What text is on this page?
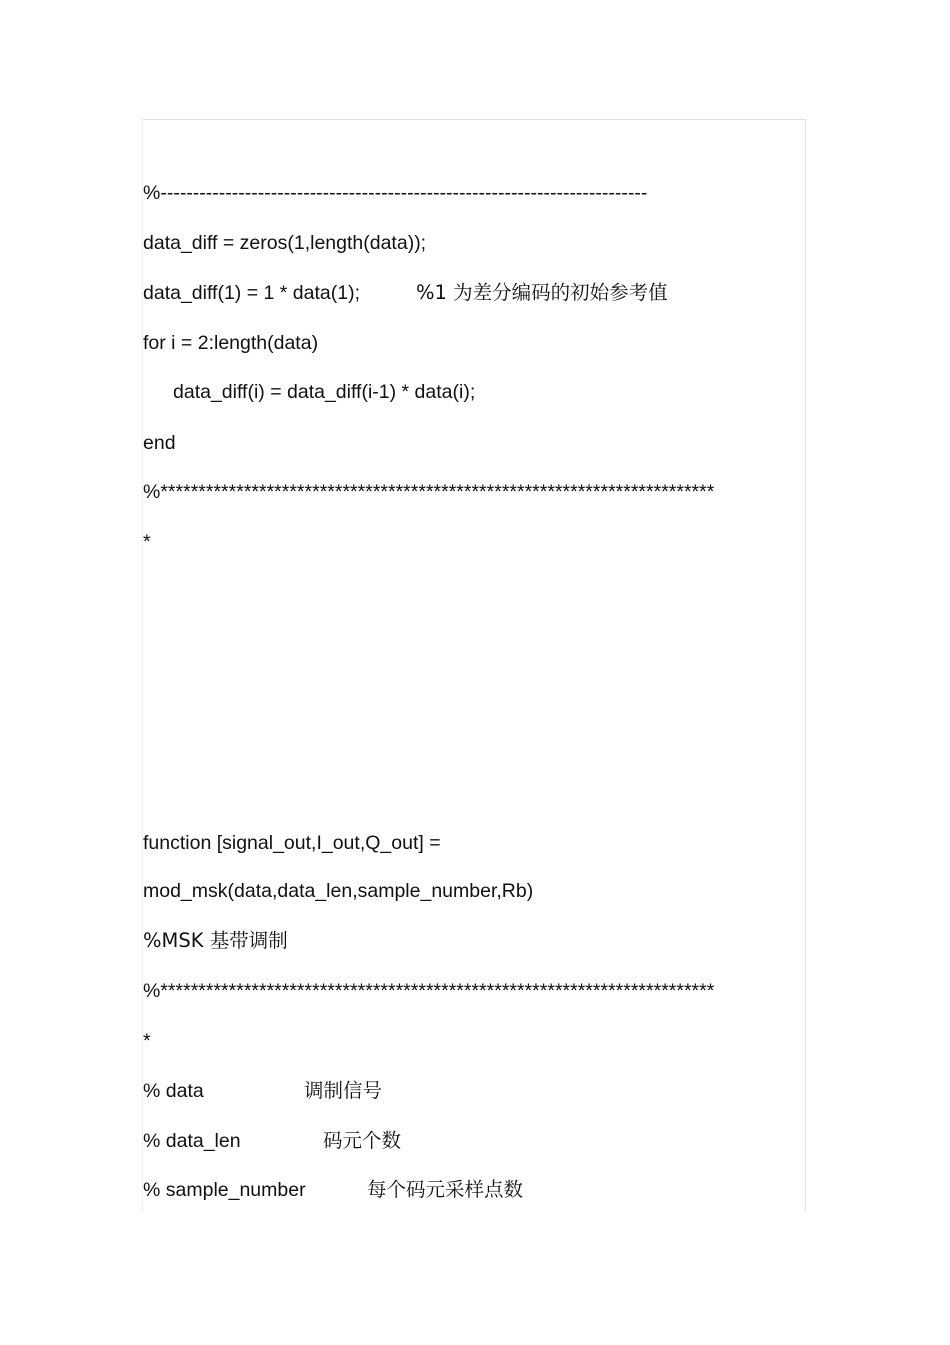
%---------------------------------------------------------------------------
data_diff = zeros(1,length(data));
data_diff(1) = 1 * data(1);	%1 为差分编码的初始参考值
for i = 2:length(data)
data_diff(i) = data_diff(i-1) * data(i);
end
%*************************************************************************
*
function [signal_out,I_out,Q_out] =
mod_msk(data,data_len,sample_number,Rb)
%MSK 基带调制
%*************************************************************************
*
% data	调制信号
% data_len	码元个数
% sample_number	每个码元采样点数
